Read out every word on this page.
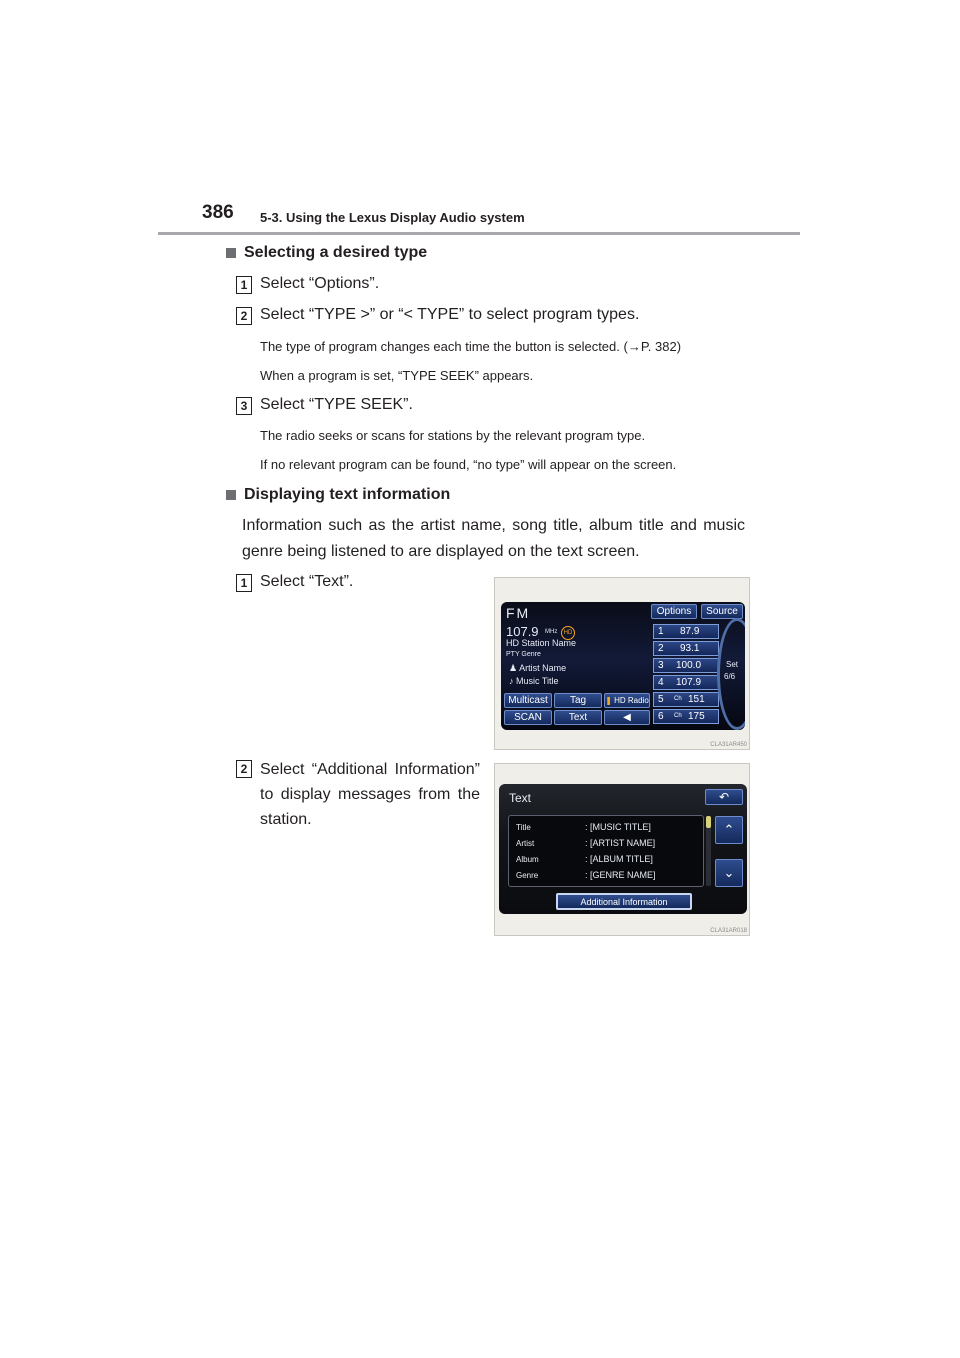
386 5-3. Using the Lexus Display Audio system
Selecting a desired type
1 Select “Options”.
2 Select “TYPE >” or “< TYPE” to select program types.
The type of program changes each time the button is selected. (→P. 382)
When a program is set, “TYPE SEEK” appears.
3 Select “TYPE SEEK”.
The radio seeks or scans for stations by the relevant program type.
If no relevant program can be found, “no type” will appear on the screen.
Displaying text information
Information such as the artist name, song title, album title and music genre being listened to are displayed on the text screen.
1 Select “Text”.
2 Select “Additional Information” to display messages from the station.
FM
107.9 MHz	HD
HD Station Name
PTY Genre
♟ Artist Name
♪ Music Title
Options	Source
1 87.9
2 93.1
3 100.0
4 107.9
5 Ch 151
6 Ch 175
Set
6/6
Multicast	Tag	❚ HD Radio
SCAN	Text	◀
CLA31AR450
Text	↶
Title	: [MUSIC TITLE]
Artist	: [ARTIST NAME]
Album	: [ALBUM TITLE]
Genre	: [GENRE NAME]
⌃
⌄
Additional Information
CLA31AR018
